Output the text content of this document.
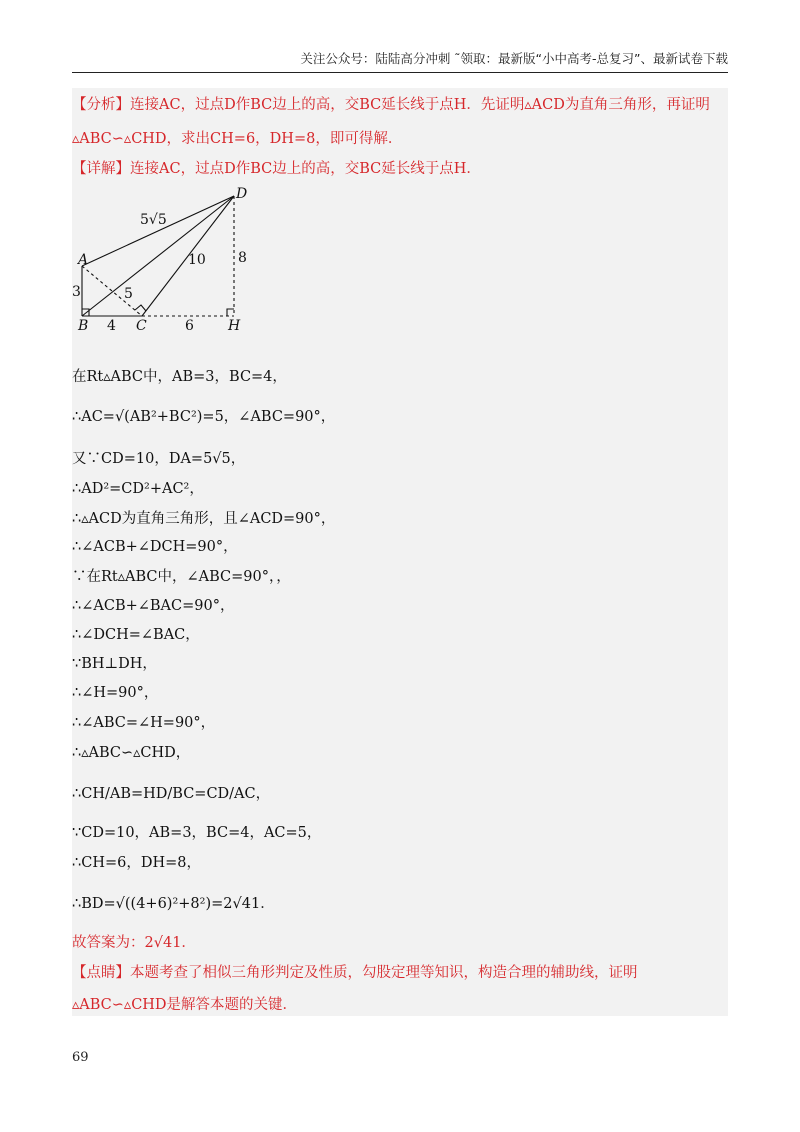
关注公众号：陆陆高分冲刺 ˜领取：最新版“小中高考-总复习”、最新试卷下载
【分析】连接AC，过点D作BC边上的高，交BC延长线于点H．先证明▵ACD为直角三角形，再证明
▵ABC∽▵CHD，求出CH=6，DH=8，即可得解．
【详解】连接AC，过点D作BC边上的高，交BC延长线于点H．
D
A
B	C	H
5√5
3
4
5
10
6
8
在Rt▵ABC中，AB=3，BC=4，
∴AC=√(AB²+BC²)=5，∠ABC=90°，
又∵CD=10，DA=5√5，
∴AD²=CD²+AC²，
∴▵ACD为直角三角形，且∠ACD=90°，
∴∠ACB+∠DCH=90°，
∵在Rt▵ABC中，∠ABC=90°，，
∴∠ACB+∠BAC=90°，
∴∠DCH=∠BAC，
∵BH⊥DH，
∴∠H=90°，
∴∠ABC=∠H=90°，
∴▵ABC∽▵CHD，
∴CH/AB=HD/BC=CD/AC，
∵CD=10，AB=3，BC=4，AC=5，
∴CH=6，DH=8，
∴BD=√((4+6)²+8²)=2√41．
故答案为：2√41．
【点睛】本题考查了相似三角形判定及性质，勾股定理等知识，构造合理的辅助线，证明
▵ABC∽▵CHD是解答本题的关键．
69
